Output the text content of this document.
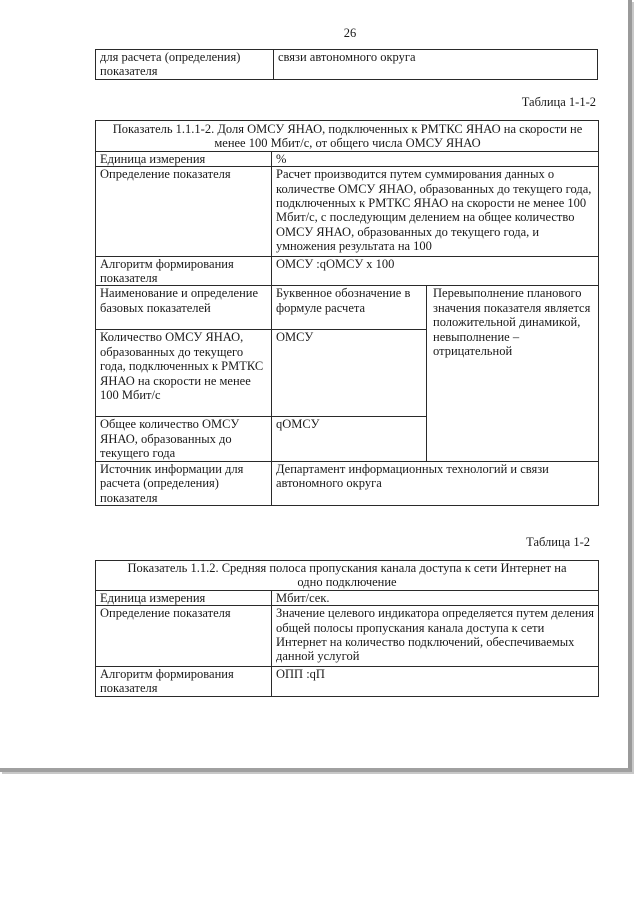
26
для расчета (определения) показателя	связи автономного округа
Таблица 1-1-2
Показатель 1.1.1-2. Доля ОМСУ ЯНАО, подключенных к РМТКС ЯНАО на скорости не менее 100 Мбит/с, от общего числа ОМСУ ЯНАО		
Единица измерения	%	
Определение показателя	Расчет производится путем суммирования данных о количестве ОМСУ ЯНАО, образованных до текущего года, подключенных к РМТКС ЯНАО на скорости не менее 100 Мбит/с, с последующим делением на общее количество ОМСУ ЯНАО, образованных до текущего года, и умножения результата на 100	
Алгоритм формирования показателя	ОМСУ :qОМСУ х 100	
Наименование и определение базовых показателей	Буквенное обозначение в формуле расчета	Перевыполнение планового значения показателя является положительной динамикой, невыполнение – отрицательной
Количество ОМСУ ЯНАО, образованных до текущего года, подключенных к РМТКС ЯНАО на скорости не менее 100 Мбит/с	ОМСУ	
Общее количество ОМСУ ЯНАО, образованных до текущего года	qОМСУ	
Источник информации для расчета (определения) показателя	Департамент информационных технологий и связи автономного округа	
Таблица 1-2
Показатель 1.1.2. Средняя полоса пропускания канала доступа к сети Интернет на одно подключение	
Единица измерения	Мбит/сек.
Определение показателя	Значение целевого индикатора определяется путем деления общей полосы пропускания канала доступа к сети Интернет на количество подключений, обеспечиваемых данной услугой
Алгоритм формирования показателя	ОПП :qП
